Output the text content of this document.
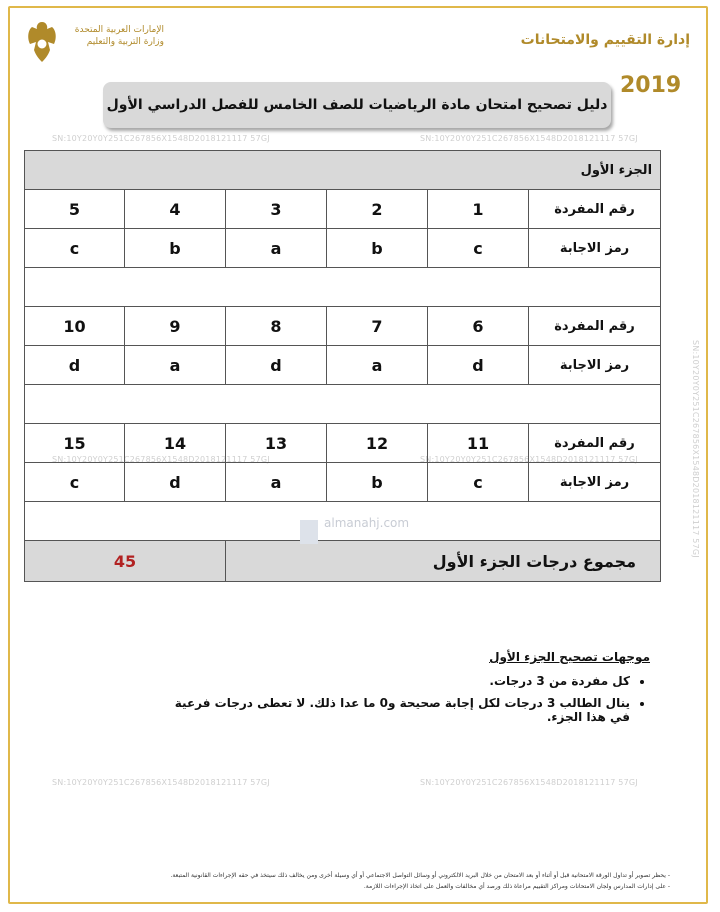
الإمارات العربية المتحدة
وزارة التربية والتعليم	إدارة التقييم والامتحانات
2019
دليل تصحيح امتحان مادة الرياضيات للصف الخامس للفصل الدراسي الأول
SN:10Y20Y0Y251C267856X1548D2018121117 57GJ	SN:10Y20Y0Y251C267856X1548D2018121117 57GJ
SN:10Y20Y0Y251C267856X1548D2018121117 57GJ	SN:10Y20Y0Y251C267856X1548D2018121117 57GJ
SN:10Y20Y0Y251C267856X1548D2018121117 57GJ	SN:10Y20Y0Y251C267856X1548D2018121117 57GJ
SN:10Y20Y0Y251C267856X1548D2018121117 57GJ
الجزء الأول					
5	4	3	2	1	رقم المفردة
c	b	a	b	c	رمز الاجابة

10	9	8	7	6	رقم المفردة
d	a	d	a	d	رمز الاجابة

15	14	13	12	11	رقم المفردة
c	d	a	b	c	رمز الاجابة

45		مجموع درجات الجزء الأول			
almanahj.com
موجهات تصحيح الجزء الأول
• كل مفردة من 3 درجات.
• ينال الطالب 3 درجات لكل إجابة صحيحة و0 ما عدا ذلك. لا تعطى درجات فرعية في هذا الجزء.
- يحظر تصوير أو تداول الورقة الامتحانية قبل أو أثناء أو بعد الامتحان من خلال البريد الالكتروني أو وسائل التواصل الاجتماعي أو أي وسيلة أخرى ومن يخالف ذلك سيتخذ في حقه الإجراءات القانونية المتبعة.
- على إدارات المدارس ولجان الامتحانات ومراكز التقييم مراعاة ذلك ورصد أي مخالفات والعمل على اتخاذ الإجراءات اللازمة.
